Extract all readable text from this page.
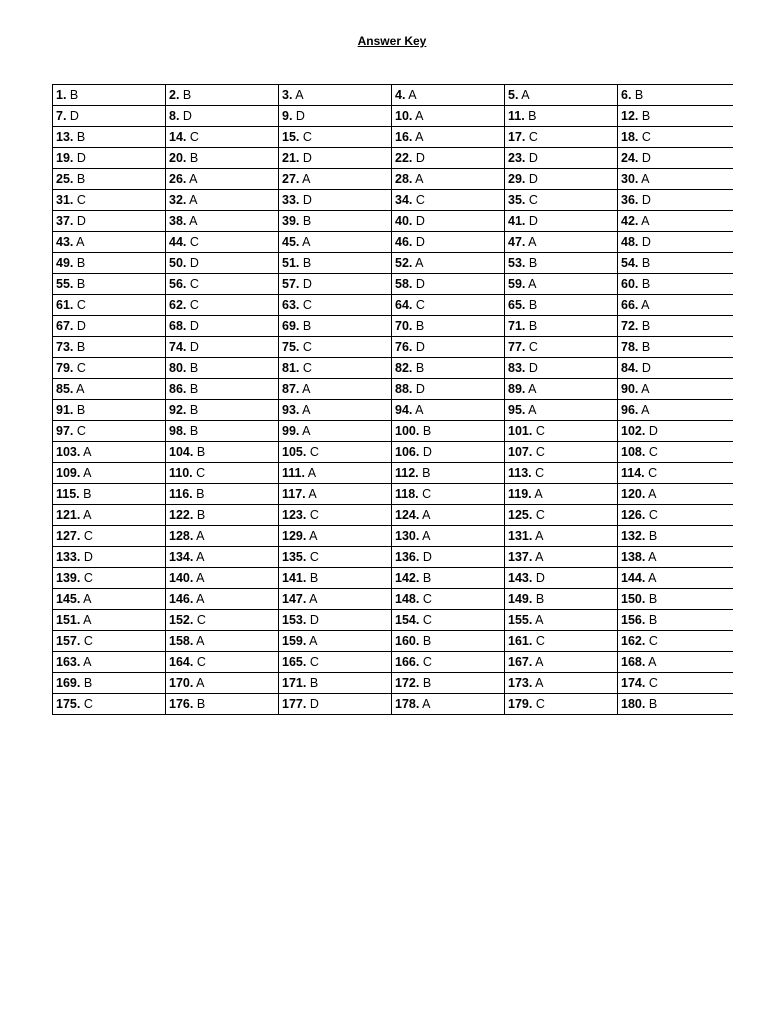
Answer Key
1. B	2. B	3. A	4. A	5. A	6. B
7. D	8. D	9. D	10. A	11. B	12. B
13. B	14. C	15. C	16. A	17. C	18. C
19. D	20. B	21. D	22. D	23. D	24. D
25. B	26. A	27. A	28. A	29. D	30. A
31. C	32. A	33. D	34. C	35. C	36. D
37. D	38. A	39. B	40. D	41. D	42. A
43. A	44. C	45. A	46. D	47. A	48. D
49. B	50. D	51. B	52. A	53. B	54. B
55. B	56. C	57. D	58. D	59. A	60. B
61. C	62. C	63. C	64. C	65. B	66. A
67. D	68. D	69. B	70. B	71. B	72. B
73. B	74. D	75. C	76. D	77. C	78. B
79. C	80. B	81. C	82. B	83. D	84. D
85. A	86. B	87. A	88. D	89. A	90. A
91. B	92. B	93. A	94. A	95. A	96. A
97. C	98. B	99. A	100. B	101. C	102. D
103. A	104. B	105. C	106. D	107. C	108. C
109. A	110. C	111. A	112. B	113. C	114. C
115. B	116. B	117. A	118. C	119. A	120. A
121. A	122. B	123. C	124. A	125. C	126. C
127. C	128. A	129. A	130. A	131. A	132. B
133. D	134. A	135. C	136. D	137. A	138. A
139. C	140. A	141. B	142. B	143. D	144. A
145. A	146. A	147. A	148. C	149. B	150. B
151. A	152. C	153. D	154. C	155. A	156. B
157. C	158. A	159. A	160. B	161. C	162. C
163. A	164. C	165. C	166. C	167. A	168. A
169. B	170. A	171. B	172. B	173. A	174. C
175. C	176. B	177. D	178. A	179. C	180. B
